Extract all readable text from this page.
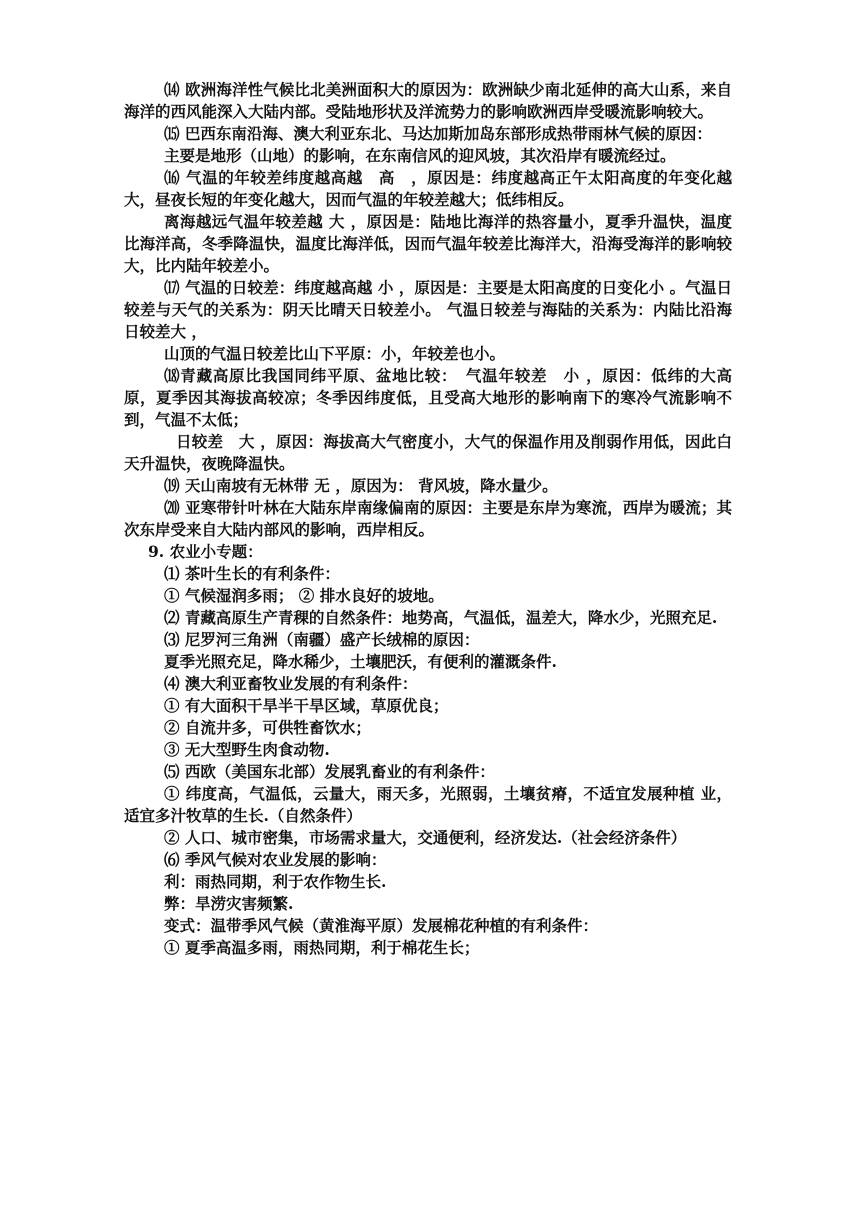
⒁ 欧洲海洋性气候比北美洲面积大的原因为：欧洲缺少南北延伸的高大山系，来自海洋的西风能深入大陆内部。受陆地形状及洋流势力的影响欧洲西岸受暖流影响较大。

⒂ 巴西东南沿海、澳大利亚东北、马达加斯加岛东部形成热带雨林气候的原因：

主要是地形（山地）的影响，在东南信风的迎风坡，其次沿岸有暖流经过。

⒃ 气温的年较差纬度越高越　高　，原因是：纬度越高正午太阳高度的年变化越大，昼夜长短的年变化越大，因而气温的年较差越大；低纬相反。

离海越远气温年较差越 大 ，原因是：陆地比海洋的热容量小，夏季升温快，温度比海洋高，冬季降温快，温度比海洋低，因而气温年较差比海洋大，沿海受海洋的影响较大，比内陆年较差小。

⒄ 气温的日较差：纬度越高越 小 ，原因是：主要是太阳高度的日变化小 。气温日较差与天气的关系为：阴天比晴天日较差小。 气温日较差与海陆的关系为：内陆比沿海日较差大 ，

山顶的气温日较差比山下平原：小，年较差也小。

⒅青藏高原比我国同纬平原、盆地比较：　气温年较差　小 ，原因：低纬的大高原，夏季因其海拔高较凉；冬季因纬度低，且受高大地形的影响南下的寒冷气流影响不到，气温不太低；

日较差　大 ，原因：海拔高大气密度小，大气的保温作用及削弱作用低，因此白天升温快，夜晚降温快。

⒆ 天山南坡有无林带 无 ，原因为： 背风坡，降水量少。

⒇ 亚寒带针叶林在大陆东岸南缘偏南的原因：主要是东岸为寒流，西岸为暖流；其次东岸受来自大陆内部风的影响，西岸相反。

9. 农业小专题：

⑴ 茶叶生长的有利条件：

① 气候湿润多雨； ② 排水良好的坡地。

⑵ 青藏高原生产青稞的自然条件：地势高，气温低，温差大，降水少，光照充足.

⑶ 尼罗河三角洲（南疆）盛产长绒棉的原因：

夏季光照充足，降水稀少，土壤肥沃，有便利的灌溉条件.

⑷ 澳大利亚畜牧业发展的有利条件：

① 有大面积干旱半干旱区域，草原优良；

② 自流井多，可供牲畜饮水；

③ 无大型野生肉食动物.

⑸ 西欧（美国东北部）发展乳畜业的有利条件：

① 纬度高，气温低，云量大，雨天多，光照弱，土壤贫瘠，不适宜发展种植 业，适宜多汁牧草的生长.（自然条件）

② 人口、城市密集，市场需求量大，交通便利，经济发达.（社会经济条件）

⑹ 季风气候对农业发展的影响：

利：雨热同期，利于农作物生长.

弊：旱涝灾害频繁.

变式：温带季风气候（黄淮海平原）发展棉花种植的有利条件：

① 夏季高温多雨，雨热同期，利于棉花生长；
